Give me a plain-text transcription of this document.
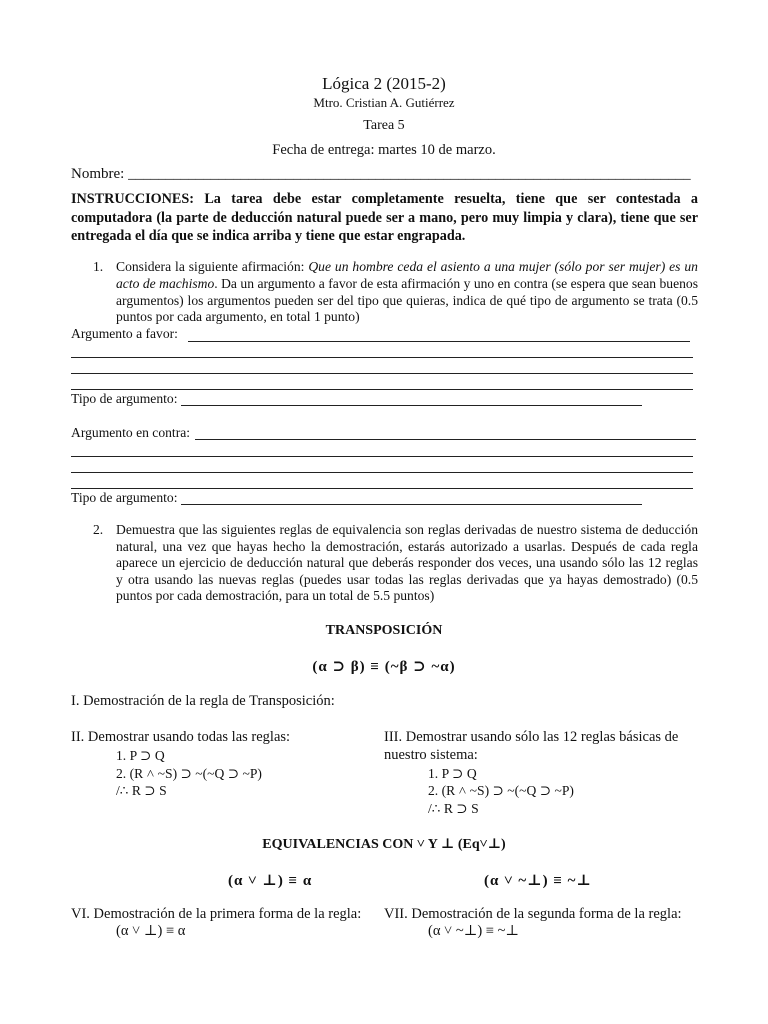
Lógica 2 (2015-2)
Mtro. Cristian A. Gutiérrez
Tarea 5
Fecha de entrega: martes 10 de marzo.
Nombre: ___________________________________________________________________________
INSTRUCCIONES: La tarea debe estar completamente resuelta, tiene que ser contestada a computadora (la parte de deducción natural puede ser a mano, pero muy limpia y clara), tiene que ser entregada el día que se indica arriba y tiene que estar engrapada.
1. Considera la siguiente afirmación: Que un hombre ceda el asiento a una mujer (sólo por ser mujer) es un acto de machismo. Da un argumento a favor de esta afirmación y uno en contra (se espera que sean buenos argumentos) los argumentos pueden ser del tipo que quieras, indica de qué tipo de argumento se trata (0.5 puntos por cada argumento, en total 1 punto)
Argumento a favor:
Tipo de argumento:
Argumento en contra:
Tipo de argumento:
2. Demuestra que las siguientes reglas de equivalencia son reglas derivadas de nuestro sistema de deducción natural, una vez que hayas hecho la demostración, estarás autorizado a usarlas. Después de cada regla aparece un ejercicio de deducción natural que deberás responder dos veces, una usando sólo las 12 reglas y otra usando las nuevas reglas (puedes usar todas las reglas derivadas que ya hayas demostrado) (0.5 puntos por cada demostración, para un total de 5.5 puntos)
TRANSPOSICIÓN
(α ⊃ β) ≡ (~β ⊃ ~α)
I. Demostración de la regla de Transposición:
II. Demostrar usando todas las reglas:
1. P ⊃ Q
2. (R ˄ ~S) ⊃ ~(~Q ⊃ ~P)
/∴ R ⊃ S
III. Demostrar usando sólo las 12 reglas básicas de
nuestro sistema:
1. P ⊃ Q
2. (R ˄ ~S) ⊃ ~(~Q ⊃ ~P)
/∴ R ⊃ S
EQUIVALENCIAS CON ˅ Y ⊥ (Eq˅⊥)
(α ˅ ⊥) ≡ α	(α ˅ ~⊥) ≡ ~⊥
VI. Demostración de la primera forma de la regla:
(α ˅ ⊥) ≡ α
VII. Demostración de la segunda forma de la regla:
(α ˅ ~⊥) ≡ ~⊥
